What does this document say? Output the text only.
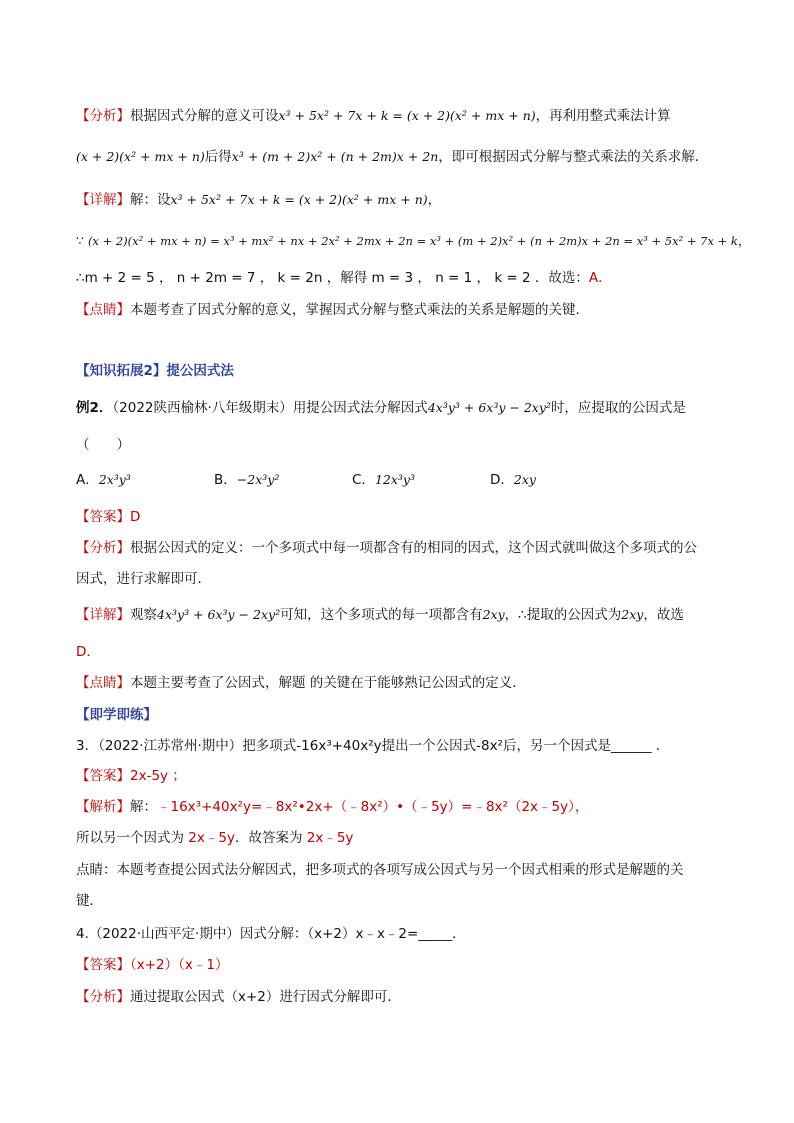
【分析】根据因式分解的意义可设x³ + 5x² + 7x + k = (x + 2)(x² + mx + n)，再利用整式乘法计算
(x + 2)(x² + mx + n)后得x³ + (m + 2)x² + (n + 2m)x + 2n，即可根据因式分解与整式乘法的关系求解．
【详解】解：设x³ + 5x² + 7x + k = (x + 2)(x² + mx + n)，
∵ (x + 2)(x² + mx + n) = x³ + mx² + nx + 2x² + 2mx + 2n = x³ + (m + 2)x² + (n + 2m)x + 2n = x³ + 5x² + 7x + k，
∴m + 2 = 5 ， n + 2m = 7 ， k = 2n ，解得 m = 3 ， n = 1 ， k = 2 ．故选：A．
【点睛】本题考查了因式分解的意义，掌握因式分解与整式乘法的关系是解题的关键．
【知识拓展2】提公因式法
例2．（2022陕西榆林·八年级期末）用提公因式法分解因式4x³y³ + 6x³y − 2xy²时，应提取的公因式是
（　　）
A．2x³y³	B．−2x³y²	C．12x³y³	D．2xy
【答案】D
【分析】根据公因式的定义：一个多项式中每一项都含有的相同的因式，这个因式就叫做这个多项式的公
因式，进行求解即可．
【详解】观察4x³y³ + 6x³y − 2xy²可知，这个多项式的每一项都含有2xy，∴提取的公因式为2xy，故选
D．
【点睛】本题主要考查了公因式，解题 的关键在于能够熟记公因式的定义．
【即学即练】
3．（2022·江苏常州·期中）把多项式-16x³+40x²y提出一个公因式-8x²后，另一个因式是______ ．
【答案】2x-5y ；
【解析】解：﹣16x³+40x²y=﹣8x²•2x+（﹣8x²）•（﹣5y）=﹣8x²（2x﹣5y），
所以另一个因式为 2x﹣5y．故答案为 2x﹣5y
点睛：本题考查提公因式法分解因式，把多项式的各项写成公因式与另一个因式相乘的形式是解题的关
键．
4.（2022·山西平定·期中）因式分解：（x+2）x﹣x﹣2=_____．
【答案】（x+2）（x﹣1）
【分析】通过提取公因式（x+2）进行因式分解即可．
